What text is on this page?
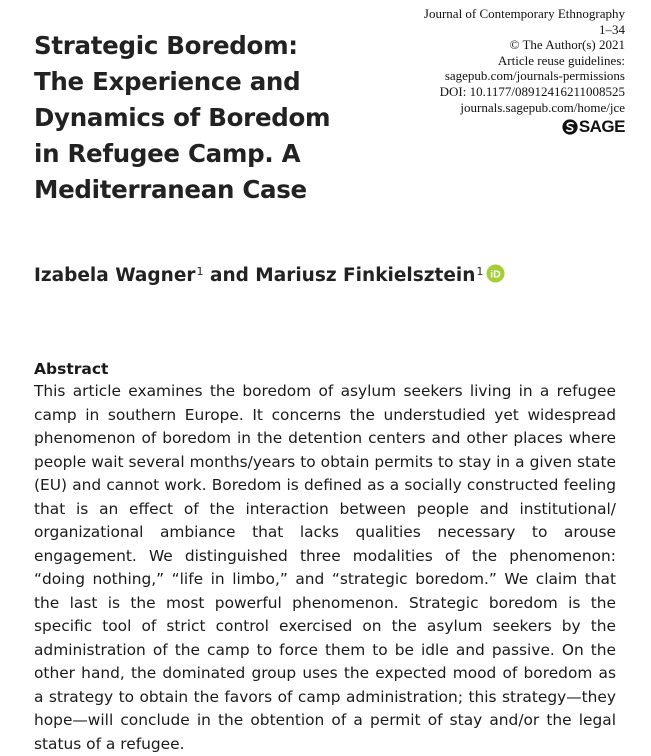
Journal of Contemporary Ethnography
1–34
© The Author(s) 2021
Article reuse guidelines:
sagepub.com/journals-permissions
DOI: 10.1177/08912416211008525
journals.sagepub.com/home/jce
SAGE
Strategic Boredom:
The Experience and
Dynamics of Boredom
in Refugee Camp. A
Mediterranean Case
Izabela Wagner$^1$ and Mariusz Finkielsztein$^1$ iD
Abstract

This article examines the boredom of asylum seekers living in a refugee camp in southern Europe. It concerns the understudied yet widespread phenomenon of boredom in the detention centers and other places where people wait several months/years to obtain permits to stay in a given state (EU) and cannot work. Boredom is defined as a socially constructed feeling that is an effect of the interaction between people and institutional/ organizational ambiance that lacks qualities necessary to arouse engagement. We distinguished three modalities of the phenomenon: “doing nothing,” “life in limbo,” and “strategic boredom.” We claim that the last is the most powerful phenomenon. Strategic boredom is the specific tool of strict control exercised on the asylum seekers by the administration of the camp to force them to be idle and passive. On the other hand, the dominated group uses the expected mood of boredom as a strategy to obtain the favors of camp administration; this strategy—they hope—will conclude in the obtention of a permit of stay and/or the legal status of a refugee.
